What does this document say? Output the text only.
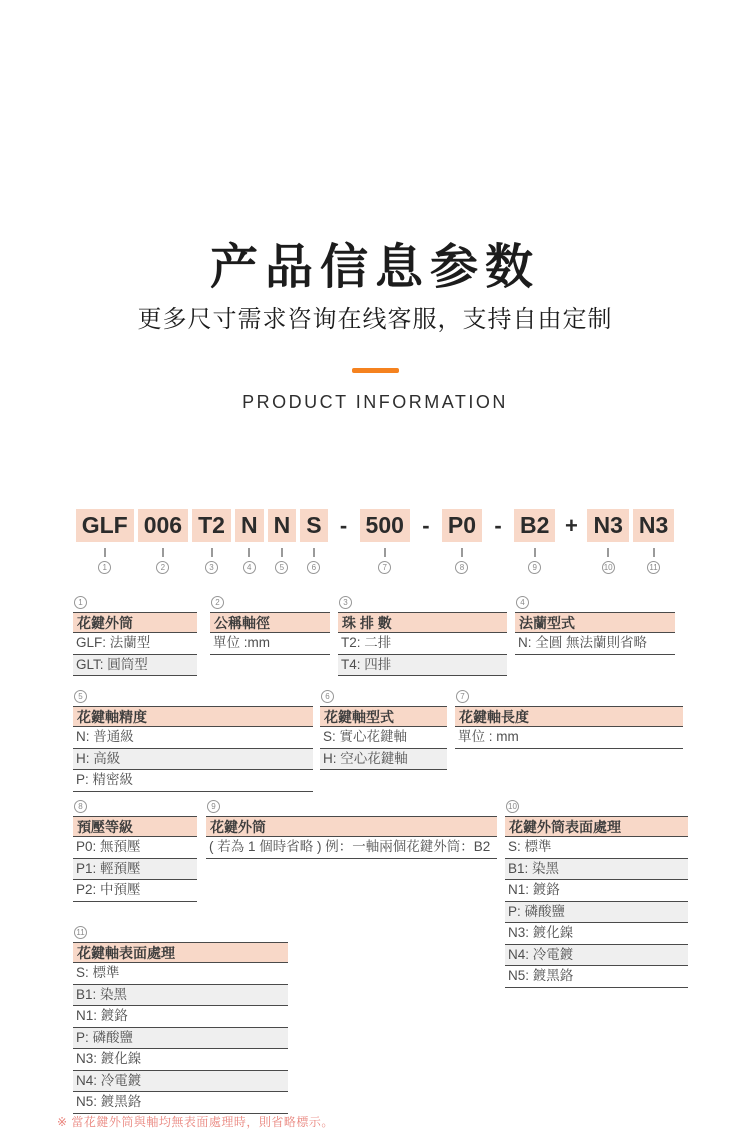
产品信息参数
更多尺寸需求咨询在线客服，支持自由定制
PRODUCT INFORMATION
GLF
1
006
2
T2
3
N
4
N
5
S
6
- 500
7
- P0
8
- B2
9
+ N3
10
N3
11
1
花鍵外筒
GLF: 法蘭型
GLT: 圓筒型
2
公稱軸徑
單位 :mm
3
珠 排 數
T2: 二排
T4: 四排
4
法蘭型式
N: 全圓 無法蘭則省略
5
花鍵軸精度
N: 普通級
H: 高級
P: 精密級
6
花鍵軸型式
S: 實心花鍵軸
H: 空心花鍵軸
7
花鍵軸長度
單位 : mm
8
預壓等級
P0: 無預壓
P1: 輕預壓
P2: 中預壓
9
花鍵外筒
( 若為 1 個時省略 ) 例：一軸兩個花鍵外筒：B2
10
花鍵外筒表面處理
S: 標準
B1: 染黑
N1: 鍍鉻
P: 磷酸鹽
N3: 鍍化鎳
N4: 冷電鍍
N5: 鍍黑鉻
11
花鍵軸表面處理
S: 標準
B1: 染黑
N1: 鍍鉻
P: 磷酸鹽
N3: 鍍化鎳
N4: 冷電鍍
N5: 鍍黑鉻
※ 當花鍵外筒與軸均無表面處理時，則省略標示。
